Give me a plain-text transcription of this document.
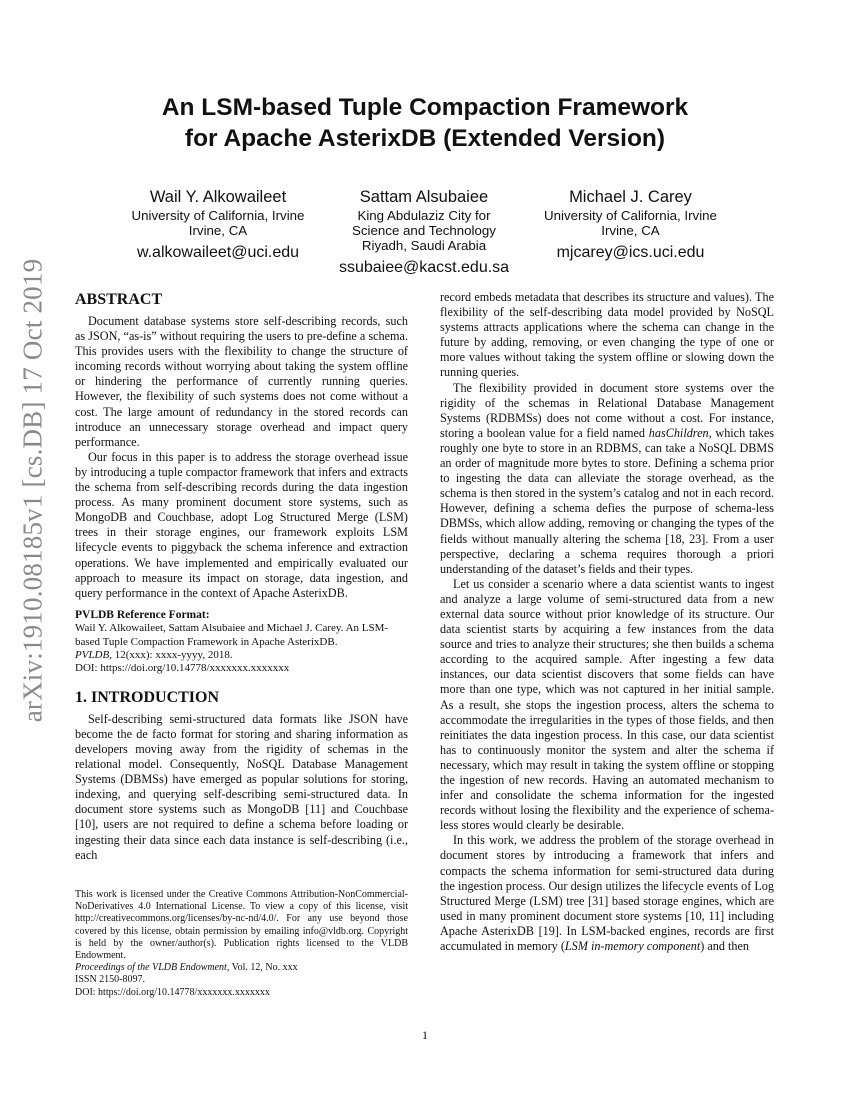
arXiv:1910.08185v1 [cs.DB] 17 Oct 2019
An LSM-based Tuple Compaction Framework
for Apache AsterixDB (Extended Version)
Wail Y. Alkowaileet
University of California, Irvine
Irvine, CA
w.alkowaileet@uci.edu
Sattam Alsubaiee
King Abdulaziz City for
Science and Technology
Riyadh, Saudi Arabia
ssubaiee@kacst.edu.sa
Michael J. Carey
University of California, Irvine
Irvine, CA
mjcarey@ics.uci.edu
ABSTRACT

Document database systems store self-describing records, such as JSON, “as-is” without requiring the users to pre-define a schema. This provides users with the flexibility to change the structure of incoming records without worrying about taking the system offline or hindering the performance of currently running queries. However, the flexibility of such systems does not come without a cost. The large amount of redundancy in the stored records can introduce an unnecessary storage overhead and impact query performance.

Our focus in this paper is to address the storage overhead issue by introducing a tuple compactor framework that infers and extracts the schema from self-describing records during the data ingestion process. As many prominent document store systems, such as MongoDB and Couchbase, adopt Log Structured Merge (LSM) trees in their storage engines, our framework exploits LSM lifecycle events to piggyback the schema inference and extraction operations. We have implemented and empirically evaluated our approach to measure its impact on storage, data ingestion, and query performance in the context of Apache AsterixDB.

PVLDB Reference Format:
Wail Y. Alkowaileet, Sattam Alsubaiee and Michael J. Carey. An LSM-based Tuple Compaction Framework in Apache AsterixDB.
PVLDB, 12(xxx): xxxx-yyyy, 2018.
DOI: https://doi.org/10.14778/xxxxxxx.xxxxxxx
1. INTRODUCTION

Self-describing semi-structured data formats like JSON have become the de facto format for storing and sharing information as developers moving away from the rigidity of schemas in the relational model. Consequently, NoSQL Database Management Systems (DBMSs) have emerged as popular solutions for storing, indexing, and querying self-describing semi-structured data. In document store systems such as MongoDB [11] and Couchbase [10], users are not required to define a schema before loading or ingesting their data since each data instance is self-describing (i.e., each

record embeds metadata that describes its structure and values). The flexibility of the self-describing data model provided by NoSQL systems attracts applications where the schema can change in the future by adding, removing, or even changing the type of one or more values without taking the system offline or slowing down the running queries.

The flexibility provided in document store systems over the rigidity of the schemas in Relational Database Management Systems (RDBMSs) does not come without a cost. For instance, storing a boolean value for a field named hasChildren, which takes roughly one byte to store in an RDBMS, can take a NoSQL DBMS an order of magnitude more bytes to store. Defining a schema prior to ingesting the data can alleviate the storage overhead, as the schema is then stored in the system’s catalog and not in each record. However, defining a schema defies the purpose of schema-less DBMSs, which allow adding, removing or changing the types of the fields without manually altering the schema [18, 23]. From a user perspective, declaring a schema requires thorough a priori understanding of the dataset’s fields and their types.

Let us consider a scenario where a data scientist wants to ingest and analyze a large volume of semi-structured data from a new external data source without prior knowledge of its structure. Our data scientist starts by acquiring a few instances from the data source and tries to analyze their structures; she then builds a schema according to the acquired sample. After ingesting a few data instances, our data scientist discovers that some fields can have more than one type, which was not captured in her initial sample. As a result, she stops the ingestion process, alters the schema to accommodate the irregularities in the types of those fields, and then reinitiates the data ingestion process. In this case, our data scientist has to continuously monitor the system and alter the schema if necessary, which may result in taking the system offline or stopping the ingestion of new records. Having an automated mechanism to infer and consolidate the schema information for the ingested records without losing the flexibility and the experience of schema-less stores would clearly be desirable.

In this work, we address the problem of the storage overhead in document stores by introducing a framework that infers and compacts the schema information for semi-structured data during the ingestion process. Our design utilizes the lifecycle events of Log Structured Merge (LSM) tree [31] based storage engines, which are used in many prominent document store systems [10, 11] including Apache AsterixDB [19]. In LSM-backed engines, records are first accumulated in memory (LSM in-memory component) and then

This work is licensed under the Creative Commons Attribution-NonCommercial-NoDerivatives 4.0 International License. To view a copy of this license, visit http://creativecommons.org/licenses/by-nc-nd/4.0/. For any use beyond those covered by this license, obtain permission by emailing info@vldb.org. Copyright is held by the owner/author(s). Publication rights licensed to the VLDB Endowment.
Proceedings of the VLDB Endowment, Vol. 12, No. xxx
ISSN 2150-8097.
DOI: https://doi.org/10.14778/xxxxxxx.xxxxxxx
1
